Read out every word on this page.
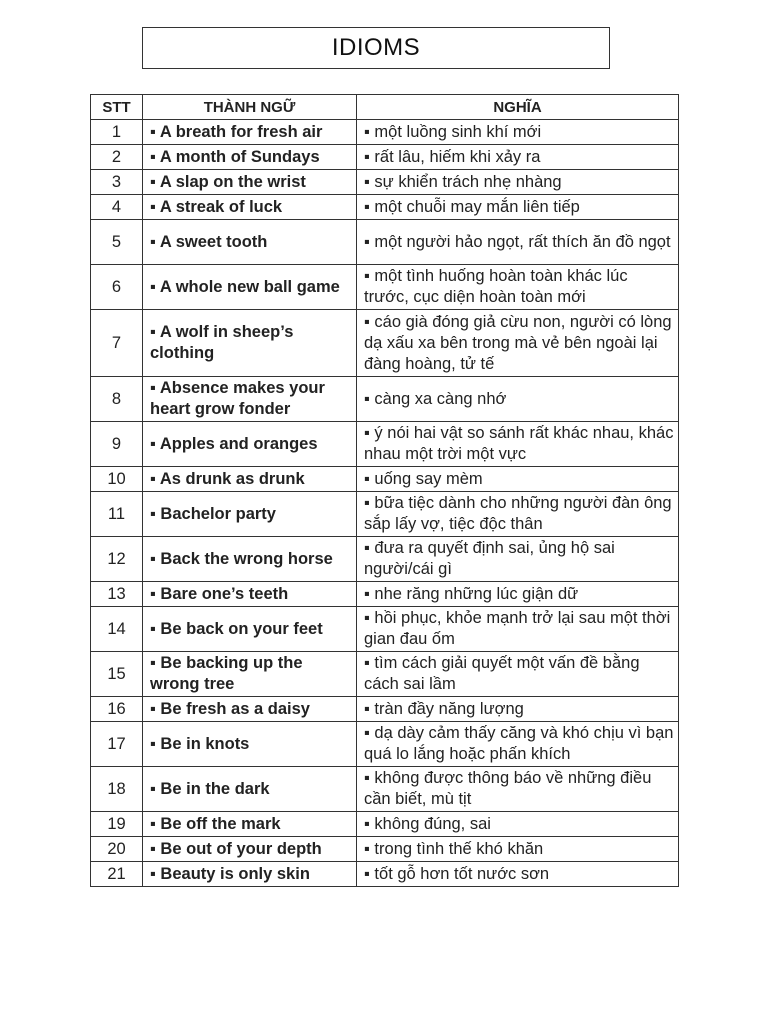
IDIOMS
STT	THÀNH NGỮ	NGHĨA
1	▪ A breath for fresh air	▪ một luồng sinh khí mới
2	▪ A month of Sundays	▪ rất lâu, hiếm khi xảy ra
3	▪ A slap on the wrist	▪ sự khiển trách nhẹ nhàng
4	▪ A streak of luck	▪ một chuỗi may mắn liên tiếp
5	▪ A sweet tooth	▪ một người hảo ngọt, rất thích ăn đồ ngọt
6	▪ A whole new ball game	▪ một tình huống hoàn toàn khác lúc trước, cục diện hoàn toàn mới
7	▪ A wolf in sheep’s clothing	▪ cáo già đóng giả cừu non, người có lòng dạ xấu xa bên trong mà vẻ bên ngoài lại đàng hoàng, tử tế
8	▪ Absence makes your heart grow fonder	▪ càng xa càng nhớ
9	▪ Apples and oranges	▪ ý nói hai vật so sánh rất khác nhau, khác nhau một trời một vực
10	▪ As drunk as drunk	▪ uống say mèm
11	▪ Bachelor party	▪ bữa tiệc dành cho những người đàn ông sắp lấy vợ, tiệc độc thân
12	▪ Back the wrong horse	▪ đưa ra quyết định sai, ủng hộ sai người/cái gì
13	▪ Bare one’s teeth	▪ nhe răng những lúc giận dữ
14	▪ Be back on your feet	▪ hồi phục, khỏe mạnh trở lại sau một thời gian đau ốm
15	▪ Be backing up the wrong tree	▪ tìm cách giải quyết một vấn đề bằng cách sai lầm
16	▪ Be fresh as a daisy	▪ tràn đầy năng lượng
17	▪ Be in knots	▪ dạ dày cảm thấy căng và khó chịu vì bạn quá lo lắng hoặc phấn khích
18	▪ Be in the dark	▪ không được thông báo về những điều cần biết, mù tịt
19	▪ Be off the mark	▪ không đúng, sai
20	▪ Be out of your depth	▪ trong tình thế khó khăn
21	▪ Beauty is only skin	▪ tốt gỗ hơn tốt nước sơn
